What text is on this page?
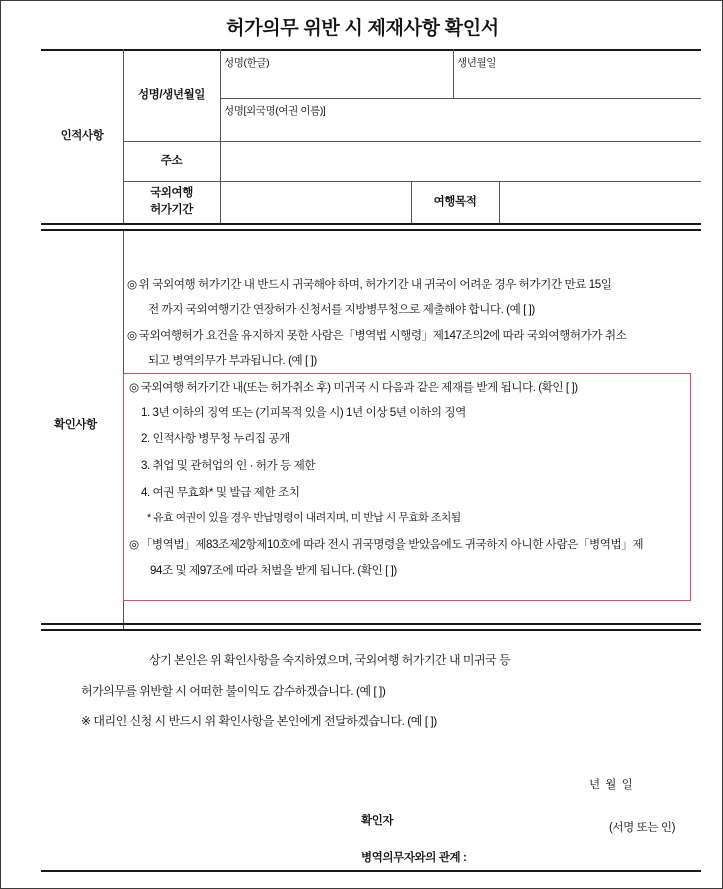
허가의무 위반 시 제재사항 확인서
인적사항
성명/생년월일
성명(한글)	생년월일
성명[외국명(여권 이름)]
주소
국외여행
허가기간
여행목적
확인사항
◎ 위 국외여행 허가기간 내 반드시 귀국해야 하며, 허가기간 내 귀국이 어려운 경우 허가기간 만료 15일
전 까지 국외여행기간 연장허가 신청서를 지방병무청으로 제출해야 합니다. (예 [ ])
◎ 국외여행허가 요건을 유지하지 못한 사람은「병역법 시행령」제147조의2에 따라 국외여행허가가 취소
되고 병역의무가 부과됩니다. (예 [ ])
◎ 국외여행 허가기간 내(또는 허가취소 후) 미귀국 시 다음과 같은 제재를 받게 됩니다. (확인 [ ])
1. 3년 이하의 징역 또는 (기피목적 있을 시) 1년 이상 5년 이하의 징역
2. 인적사항 병무청 누리집 공개
3. 취업 및 관허업의 인 · 허가 등 제한
4. 여권 무효화* 및 발급 제한 조치
* 유효 여권이 있을 경우 반납명령이 내려지며, 미 반납 시 무효화 조치됨
◎ 「병역법」제83조제2항제10호에 따라 전시 귀국명령을 받았음에도 귀국하지 아니한 사람은「병역법」제
94조 및 제97조에 따라 처벌을 받게 됩니다. (확인 [ ])
상기 본인은 위 확인사항을 숙지하였으며, 국외여행 허가기간 내 미귀국 등
허가의무를 위반할 시 어떠한 불이익도 감수하겠습니다. (예 [ ])
※ 대리인 신청 시 반드시 위 확인사항을 본인에게 전달하겠습니다. (예 [ ])
년 월 일
확인자
(서명 또는 인)
병역의무자와의 관계 :
